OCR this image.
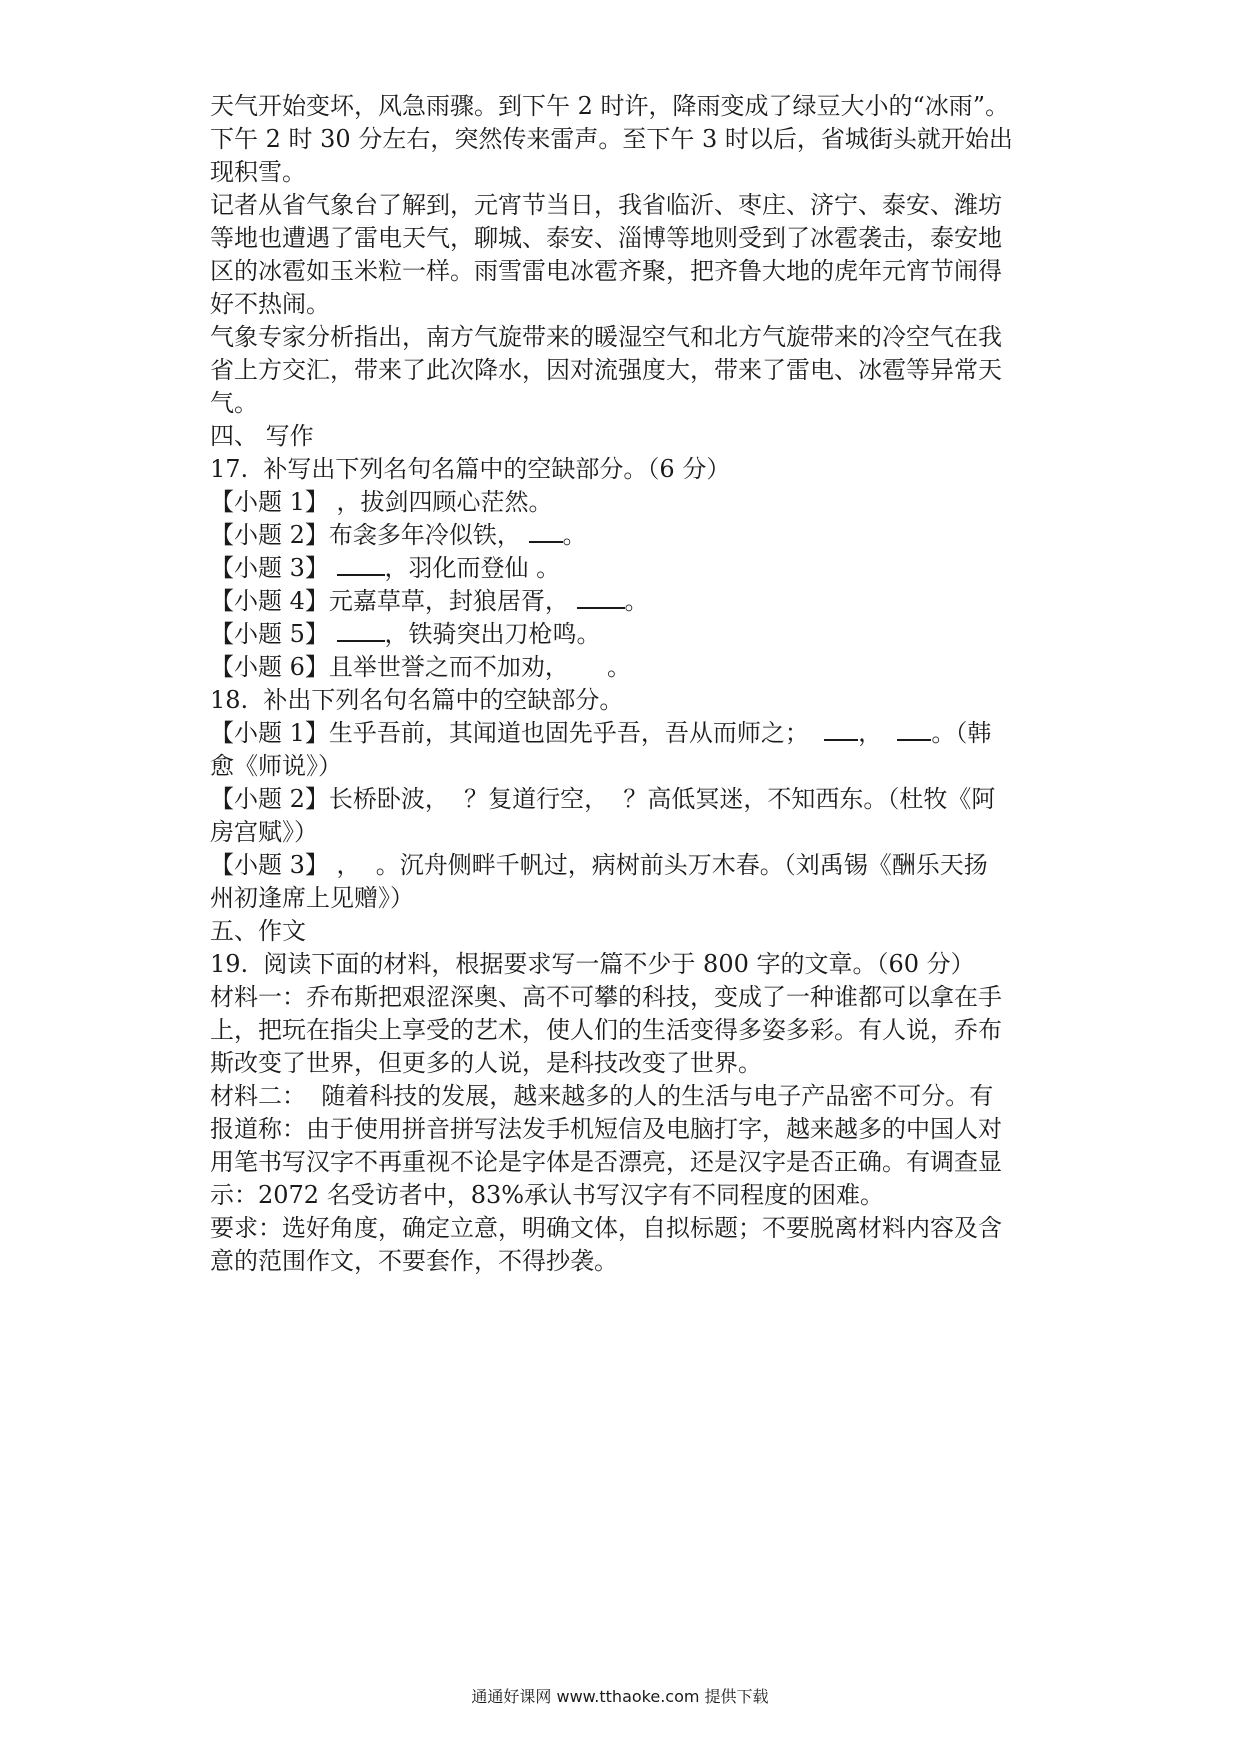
天气开始变坏，风急雨骤。到下午 2 时许，降雨变成了绿豆大小的“冰雨”。
下午 2 时 30 分左右，突然传来雷声。至下午 3 时以后，省城街头就开始出
现积雪。
记者从省气象台了解到，元宵节当日，我省临沂、枣庄、济宁、泰安、潍坊
等地也遭遇了雷电天气，聊城、泰安、淄博等地则受到了冰雹袭击，泰安地
区的冰雹如玉米粒一样。雨雪雷电冰雹齐聚，把齐鲁大地的虎年元宵节闹得
好不热闹。
气象专家分析指出，南方气旋带来的暖湿空气和北方气旋带来的冷空气在我
省上方交汇，带来了此次降水，因对流强度大，带来了雷电、冰雹等异常天
气。
四、 写作
17.  补写出下列名句名篇中的空缺部分。（6 分）
【小题 1】 ，拔剑四顾心茫然。
【小题 2】布衾多年冷似铁， 。
【小题 3】 ，羽化而登仙 。
【小题 4】元嘉草草，封狼居胥， 。
【小题 5】 ，铁骑突出刀枪鸣。
【小题 6】且举世誉之而不加劝，     。
18.  补出下列名句名篇中的空缺部分。
【小题 1】生乎吾前，其闻道也固先乎吾，吾从而师之；  ，  。（韩
愈《师说》）
【小题 2】长桥卧波，  ？复道行空，  ？高低冥迷，不知西东。（杜牧《阿
房宫赋》）
【小题 3】 ，  。沉舟侧畔千帆过，病树前头万木春。（刘禹锡《酬乐天扬
州初逢席上见赠》）
五、作文
19.  阅读下面的材料，根据要求写一篇不少于 800 字的文章。（60 分）
材料一：乔布斯把艰涩深奥、高不可攀的科技，变成了一种谁都可以拿在手
上，把玩在指尖上享受的艺术，使人们的生活变得多姿多彩。有人说，乔布
斯改变了世界，但更多的人说，是科技改变了世界。
材料二：  随着科技的发展，越来越多的人的生活与电子产品密不可分。有
报道称：由于使用拼音拼写法发手机短信及电脑打字，越来越多的中国人对
用笔书写汉字不再重视不论是字体是否漂亮，还是汉字是否正确。有调查显
示：2072 名受访者中，83%承认书写汉字有不同程度的困难。
要求：选好角度，确定立意，明确文体，自拟标题；不要脱离材料内容及含
意的范围作文，不要套作，不得抄袭。
通通好课网 www.tthaoke.com 提供下载
